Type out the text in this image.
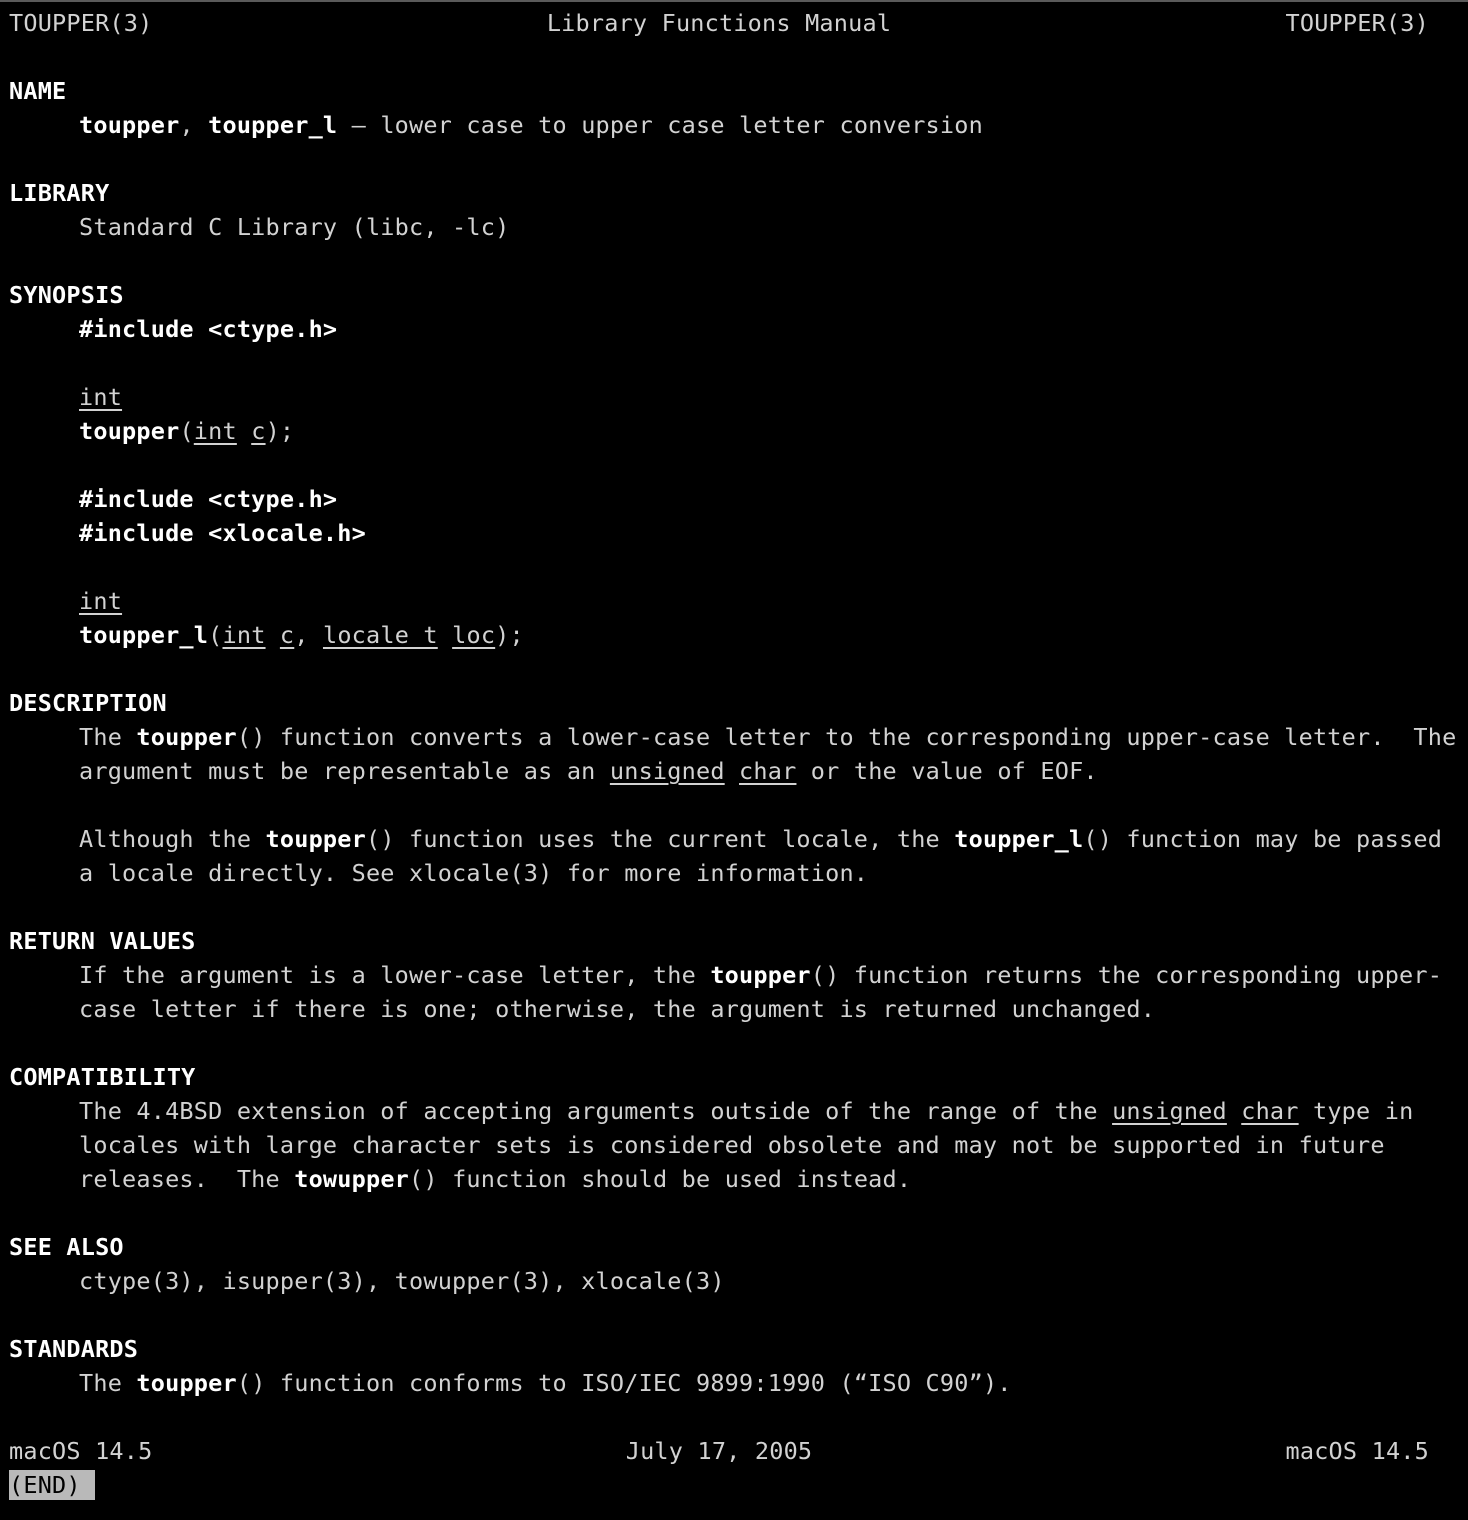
TOUPPER(3)	Library Functions Manual	TOUPPER(3)
NAME
toupper, toupper_l – lower case to upper case letter conversion
LIBRARY
Standard C Library (libc, -lc)
SYNOPSIS
#include <ctype.h>
int
toupper(int c);
#include <ctype.h>
#include <xlocale.h>
int
toupper_l(int c, locale_t loc);
DESCRIPTION
The toupper() function converts a lower-case letter to the corresponding upper-case letter.  The
argument must be representable as an unsigned char or the value of EOF.
Although the toupper() function uses the current locale, the toupper_l() function may be passed
a locale directly. See xlocale(3) for more information.
RETURN VALUES
If the argument is a lower-case letter, the toupper() function returns the corresponding upper-
case letter if there is one; otherwise, the argument is returned unchanged.
COMPATIBILITY
The 4.4BSD extension of accepting arguments outside of the range of the unsigned char type in
locales with large character sets is considered obsolete and may not be supported in future
releases.  The towupper() function should be used instead.
SEE ALSO
ctype(3), isupper(3), towupper(3), xlocale(3)
STANDARDS
The toupper() function conforms to ISO/IEC 9899:1990 (“ISO C90”).
macOS 14.5	July 17, 2005	macOS 14.5
(END)
